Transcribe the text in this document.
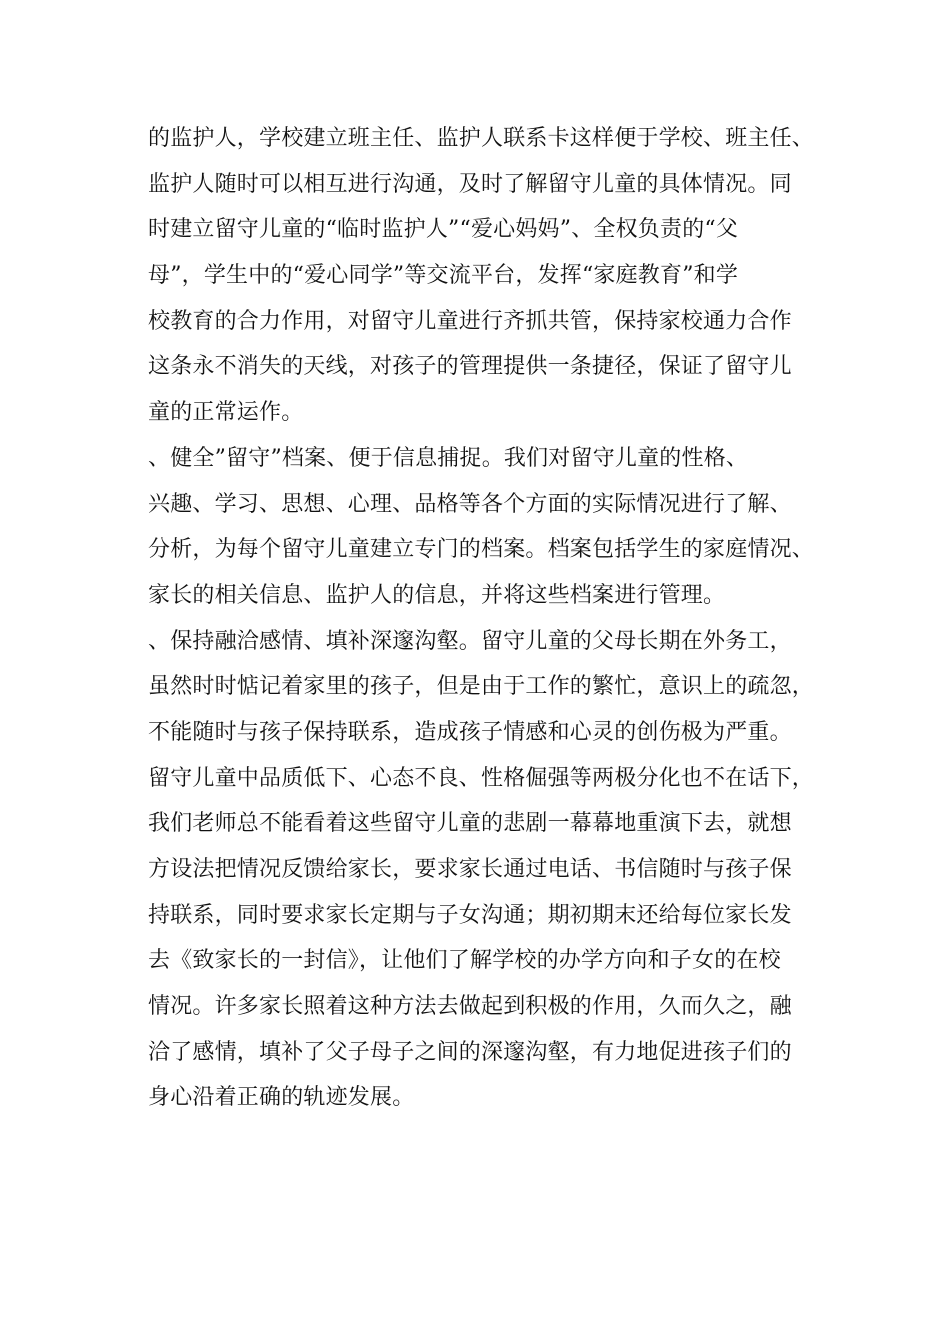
的监护人，学校建立班主任、监护人联系卡这样便于学校、班主任、
监护人随时可以相互进行沟通，及时了解留守儿童的具体情况。同
时建立留守儿童的“临时监护人”“爱心妈妈”、全权负责的“父
母”，学生中的“爱心同学”等交流平台，发挥“家庭教育”和学
校教育的合力作用，对留守儿童进行齐抓共管，保持家校通力合作
这条永不消失的天线，对孩子的管理提供一条捷径，保证了留守儿
童的正常运作。
、健全”留守”档案、便于信息捕捉。我们对留守儿童的性格、
兴趣、学习、思想、心理、品格等各个方面的实际情况进行了解、
分析，为每个留守儿童建立专门的档案。档案包括学生的家庭情况、
家长的相关信息、监护人的信息，并将这些档案进行管理。
、保持融洽感情、填补深邃沟壑。留守儿童的父母长期在外务工，
虽然时时惦记着家里的孩子，但是由于工作的繁忙，意识上的疏忽，
不能随时与孩子保持联系，造成孩子情感和心灵的创伤极为严重。
留守儿童中品质低下、心态不良、性格倔强等两极分化也不在话下，
我们老师总不能看着这些留守儿童的悲剧一幕幕地重演下去，就想
方设法把情况反馈给家长，要求家长通过电话、书信随时与孩子保
持联系，同时要求家长定期与子女沟通；期初期末还给每位家长发
去《致家长的一封信》，让他们了解学校的办学方向和子女的在校
情况。许多家长照着这种方法去做起到积极的作用，久而久之，融
洽了感情，填补了父子母子之间的深邃沟壑，有力地促进孩子们的
身心沿着正确的轨迹发展。
